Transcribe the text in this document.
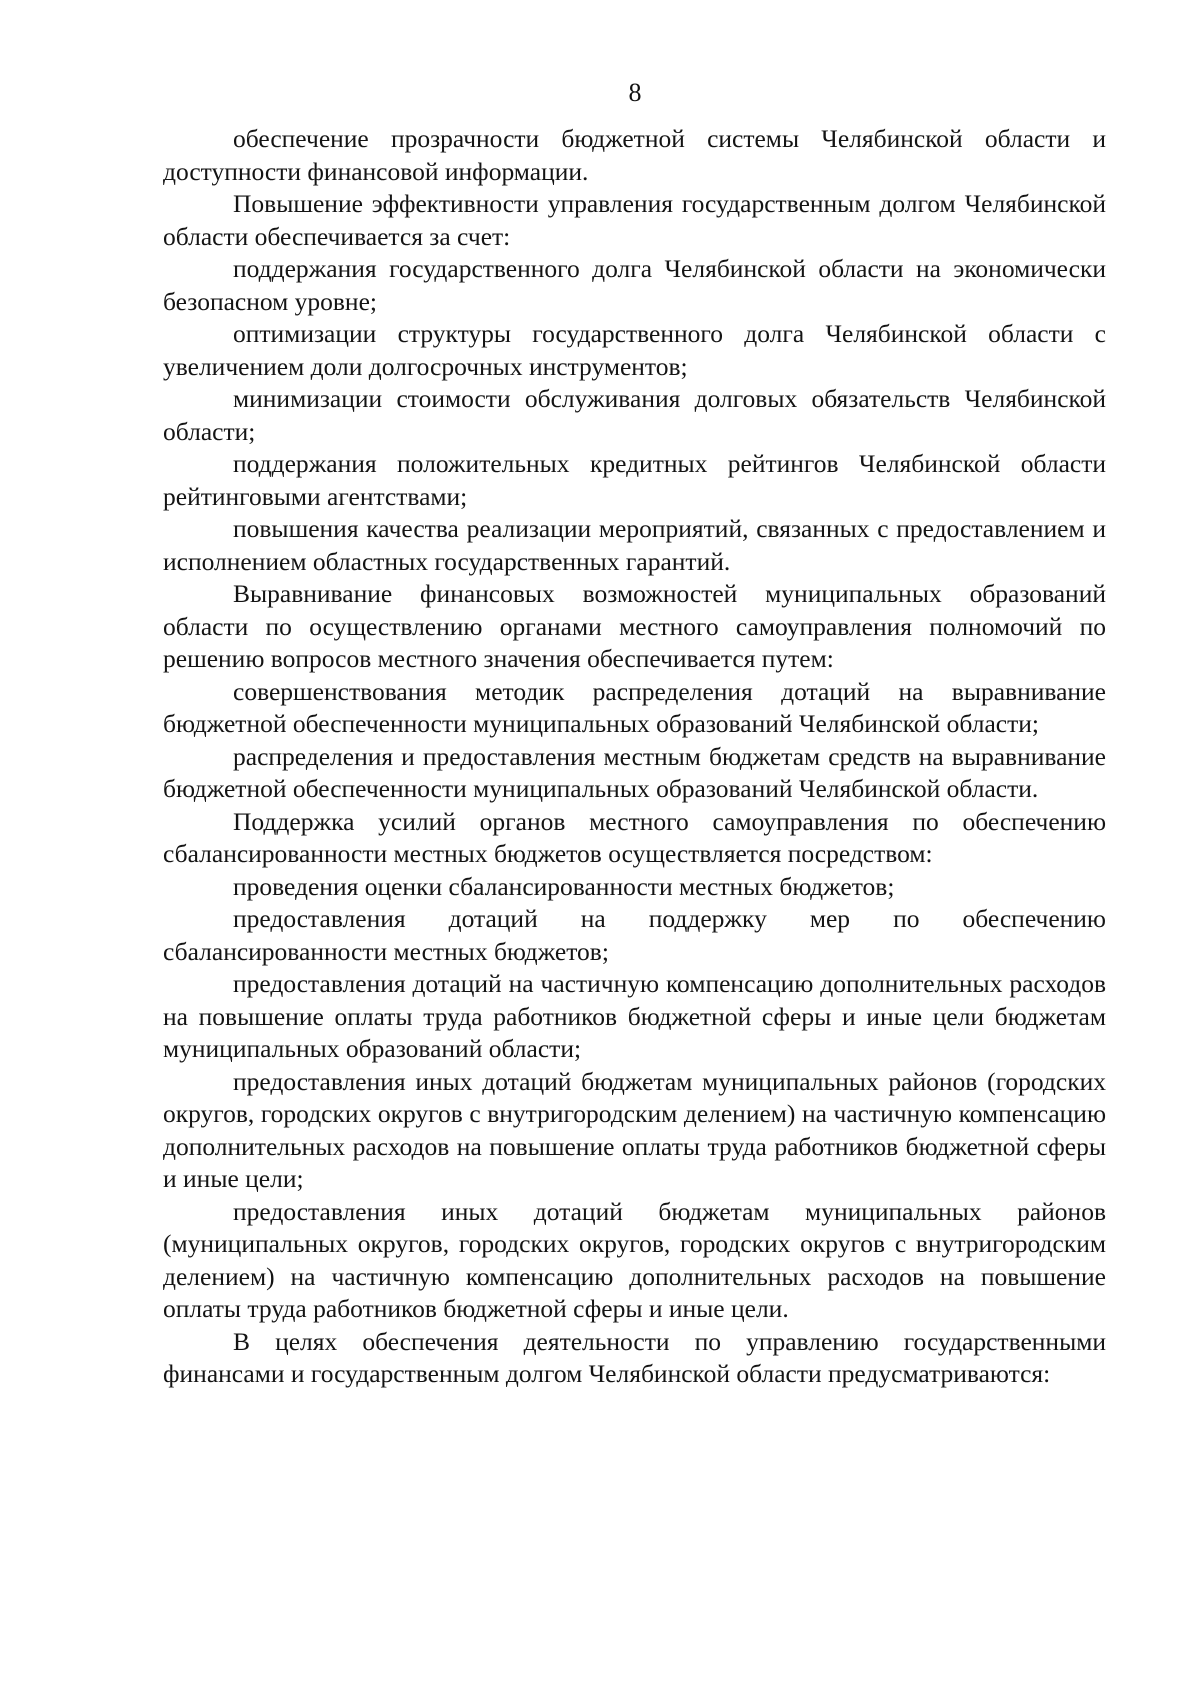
8

обеспечение прозрачности бюджетной системы Челябинской области и доступности финансовой информации.

Повышение эффективности управления государственным долгом Челябинской области обеспечивается за счет:

поддержания государственного долга Челябинской области на экономически безопасном уровне;

оптимизации структуры государственного долга Челябинской области с увеличением доли долгосрочных инструментов;

минимизации стоимости обслуживания долговых обязательств Челябинской области;

поддержания положительных кредитных рейтингов Челябинской области рейтинговыми агентствами;

повышения качества реализации мероприятий, связанных с предоставлением и исполнением областных государственных гарантий.

Выравнивание финансовых возможностей муниципальных образований области по осуществлению органами местного самоуправления полномочий по решению вопросов местного значения обеспечивается путем:

совершенствования методик распределения дотаций на выравнивание бюджетной обеспеченности муниципальных образований Челябинской области;

распределения и предоставления местным бюджетам средств на выравнивание бюджетной обеспеченности муниципальных образований Челябинской области.

Поддержка усилий органов местного самоуправления по обеспечению сбалансированности местных бюджетов осуществляется посредством:

проведения оценки сбалансированности местных бюджетов;

предоставления дотаций на поддержку мер по обеспечению сбалансированности местных бюджетов;

предоставления дотаций на частичную компенсацию дополнительных расходов на повышение оплаты труда работников бюджетной сферы и иные цели бюджетам муниципальных образований области;

предоставления иных дотаций бюджетам муниципальных районов (городских округов, городских округов с внутригородским делением) на частичную компенсацию дополнительных расходов на повышение оплаты труда работников бюджетной сферы и иные цели;

предоставления иных дотаций бюджетам муниципальных районов (муниципальных округов, городских округов, городских округов с внутригородским делением) на частичную компенсацию дополнительных расходов на повышение оплаты труда работников бюджетной сферы и иные цели.

В целях обеспечения деятельности по управлению государственными финансами и государственным долгом Челябинской области предусматриваются:
